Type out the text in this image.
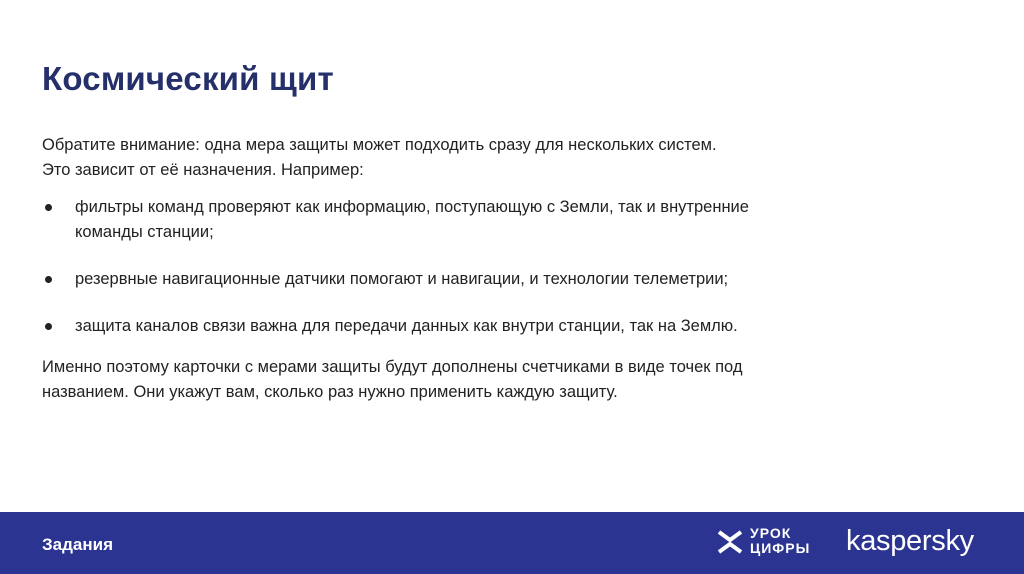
Космический щит

Обратите внимание: одна мера защиты может подходить сразу для нескольких систем.
Это зависит от её назначения. Например:

фильтры команд проверяют как информацию, поступающую с Земли, так и внутренние
команды станции;
резервные навигационные датчики помогают и навигации, и технологии телеметрии;
защита каналов связи важна для передачи данных как внутри станции, так на Землю.

Именно поэтому карточки с мерами защиты будут дополнены счетчиками в виде точек под
названием. Они укажут вам, сколько раз нужно применить каждую защиту.

Задания
УРОК
ЦИФРЫ kaspersky
